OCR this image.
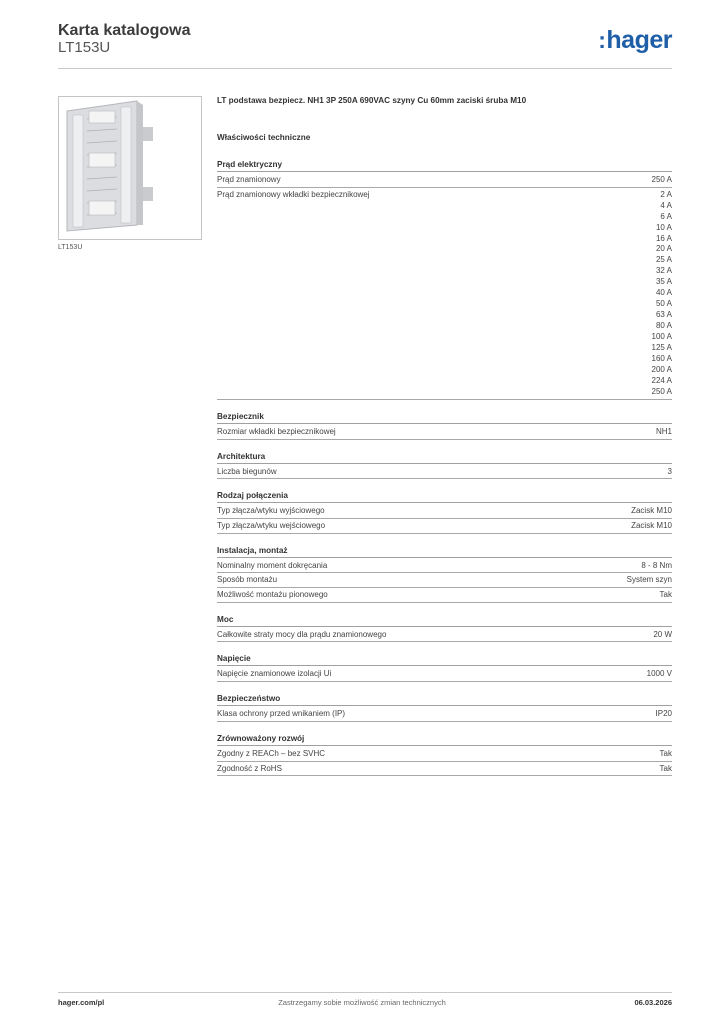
Karta katalogowa
LT153U	:hager
LT153U
LT podstawa bezpiecz. NH1 3P 250A 690VAC szyny Cu 60mm zaciski śruba M10
Właściwości techniczne
Prąd elektryczny
Prąd znamionowy	250 A
Prąd znamionowy wkładki bezpiecznikowej	2 A
4 A
6 A
10 A
16 A
20 A
25 A
32 A
35 A
40 A
50 A
63 A
80 A
100 A
125 A
160 A
200 A
224 A
250 A
Bezpiecznik
Rozmiar wkładki bezpiecznikowej	NH1
Architektura
Liczba biegunów	3
Rodzaj połączenia
Typ złącza/wtyku wyjściowego	Zacisk M10
Typ złącza/wtyku wejściowego	Zacisk M10
Instalacja, montaż
Nominalny moment dokręcania	8 - 8 Nm
Sposób montażu	System szyn
Możliwość montażu pionowego	Tak
Moc
Całkowite straty mocy dla prądu znamionowego	20 W
Napięcie
Napięcie znamionowe izolacji Ui	1000 V
Bezpieczeństwo
Klasa ochrony przed wnikaniem (IP)	IP20
Zrównoważony rozwój
Zgodny z REACh – bez SVHC	Tak
Zgodność z RoHS	Tak
hager.com/pl	Zastrzegamy sobie możliwość zmian technicznych	06.03.2026
